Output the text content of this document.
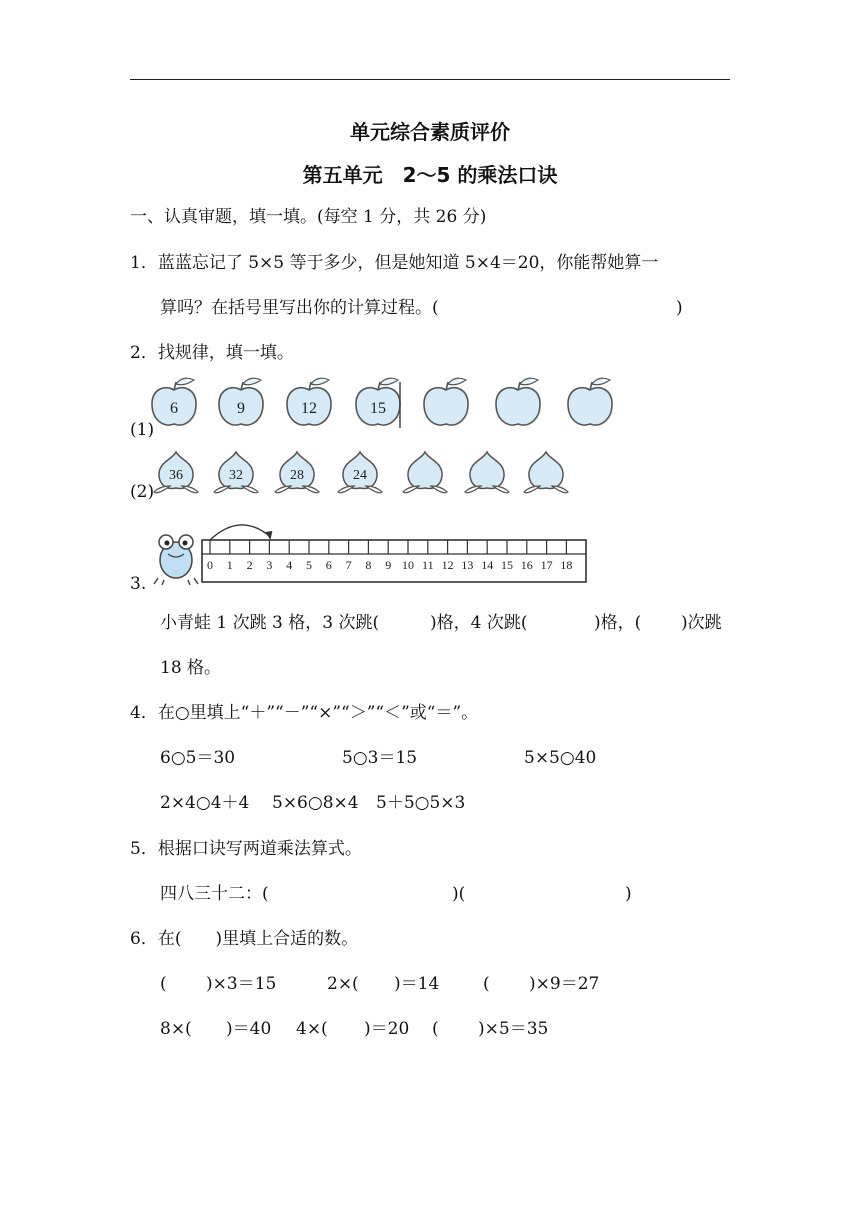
单元综合素质评价
第五单元　2～5 的乘法口诀
一、认真审题，填一填。(每空 1 分，共 26 分)
1．蓝蓝忘记了 5×5 等于多少，但是她知道 5×4＝20，你能帮她算一
算吗？在括号里写出你的计算过程。(	)
2．找规律，填一填。
(1)
(2)
6	9	12	15
36	32	28	24
3.
0 1 2 3 4 5 6 7 8 9 10 11 12 13 14 15 16 17 18
小青蛙 1 次跳 3 格，3 次跳(	)格，4 次跳(	)格，( )次跳
18 格。
4．在○里填上“＋”“－”“×”“＞”“＜”或“＝”。
6○5＝30	5○3＝15	5×5○40
2×4○4＋4 5×6○8×4 5＋5○5×3
5．根据口诀写两道乘法算式。
四八三十二：(	)(	)
6．在(　　)里填上合适的数。
( )×3＝15	2×( )＝14	( )×9＝27
8×( )＝40 4×( )＝20 ( )×5＝35
